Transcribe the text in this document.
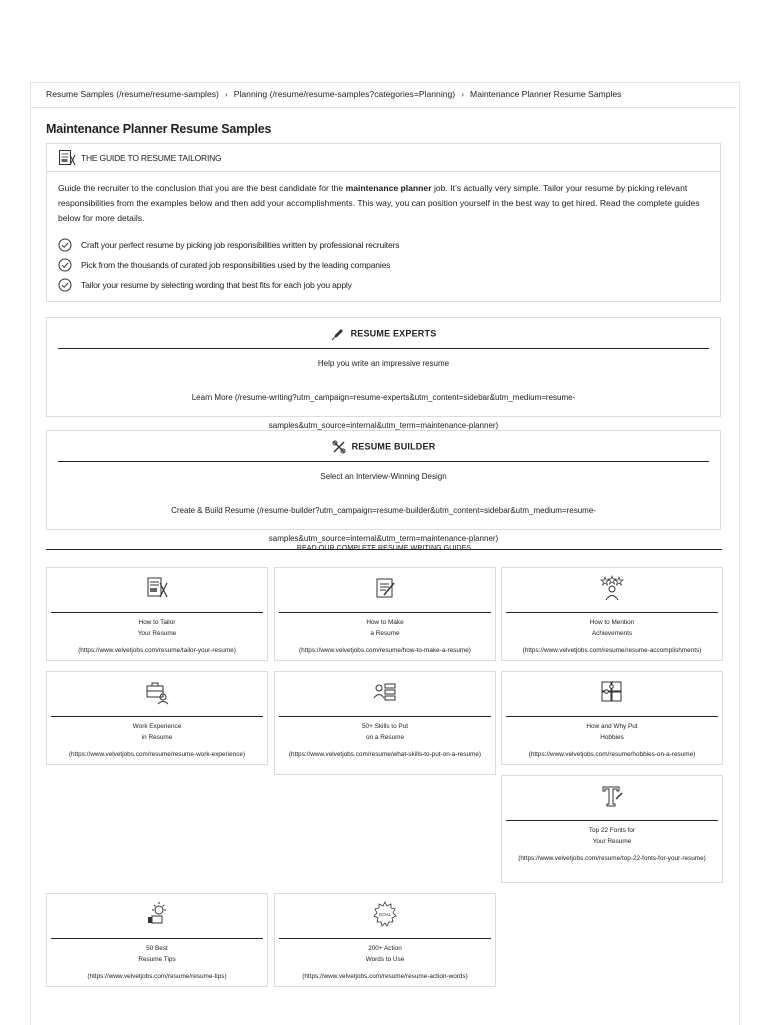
Resume Samples (/resume/resume-samples) › Planning (/resume/resume-samples?categories=Planning) › Maintenance Planner Resume Samples
Maintenance Planner Resume Samples
THE GUIDE TO RESUME TAILORING
Guide the recruiter to the conclusion that you are the best candidate for the maintenance planner job. It’s actually very simple. Tailor your resume by picking relevant responsibilities from the examples below and then add your accomplishments. This way, you can position yourself in the best way to get hired. Read the complete guides below for more details.
Craft your perfect resume by picking job responsibilities written by professional recruiters
Pick from the thousands of curated job responsibilities used by the leading companies
Tailor your resume by selecting wording that best fits for each job you apply
RESUME EXPERTS
Help you write an impressive resume
Learn More (/resume-writing?utm_campaign=resume-experts&utm_content=sidebar&utm_medium=resume-samples&utm_source=internal&utm_term=maintenance-planner)
RESUME BUILDER
Select an Interview-Winning Design
Create & Build Resume (/resume-builder?utm_campaign=resume-builder&utm_content=sidebar&utm_medium=resume-samples&utm_source=internal&utm_term=maintenance-planner)
READ OUR COMPLETE RESUME WRITING GUIDES
How to Tailor
Your Resume
(https://www.velvetjobs.com/resume/tailor-your-resume)
How to Make
a Resume
(https://www.velvetjobs.com/resume/how-to-make-a-resume)
How to Mention
Achievements
(https://www.velvetjobs.com/resume/resume-accomplishments)
Work Experience
in Resume
(https://www.velvetjobs.com/resume/resume-work-experience)
50+ Skills to Put
on a Resume
(https://www.velvetjobs.com/resume/what-skills-to-put-on-a-resume)
How and Why Put
Hobbies
(https://www.velvetjobs.com/resume/hobbies-on-a-resume)
Top 22 Fonts for
Your Resume
(https://www.velvetjobs.com/resume/top-22-fonts-for-your-resume)
50 Best
Resume Tips
(https://www.velvetjobs.com/resume/resume-tips)
GOAL
200+ Action
Words to Use
(https://www.velvetjobs.com/resume/resume-action-words)
